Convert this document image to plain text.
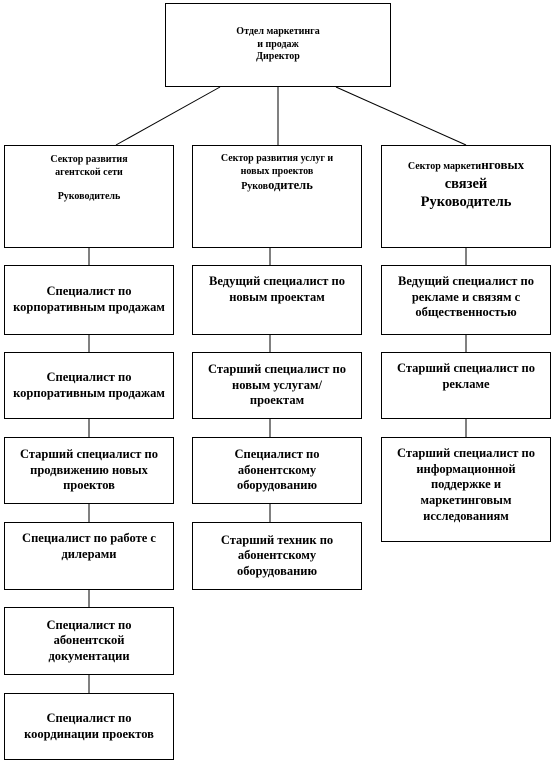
Отдел маркетинга
и продаж
Директор
Сектор развития
агентской сети
Руководитель
Сектор развития услуг и
новых проектов
Руководитель
Сектор маркетинговых
связей
Руководитель
Специалист по корпоративным продажам
Специалист по корпоративным продажам
Старший специалист по продвижению новых проектов
Специалист по работе с дилерами
Специалист по абонентской документации
Специалист по координации проектов
Ведущий специалист по новым проектам
Старший специалист по новым услугам/проектам
Специалист по абонентскому оборудованию
Старший техник по абонентскому оборудованию
Ведущий специалист по рекламе и связям с общественностью
Старший специалист по рекламе
Старший специалист по информационной поддержке и маркетинговым исследованиям
